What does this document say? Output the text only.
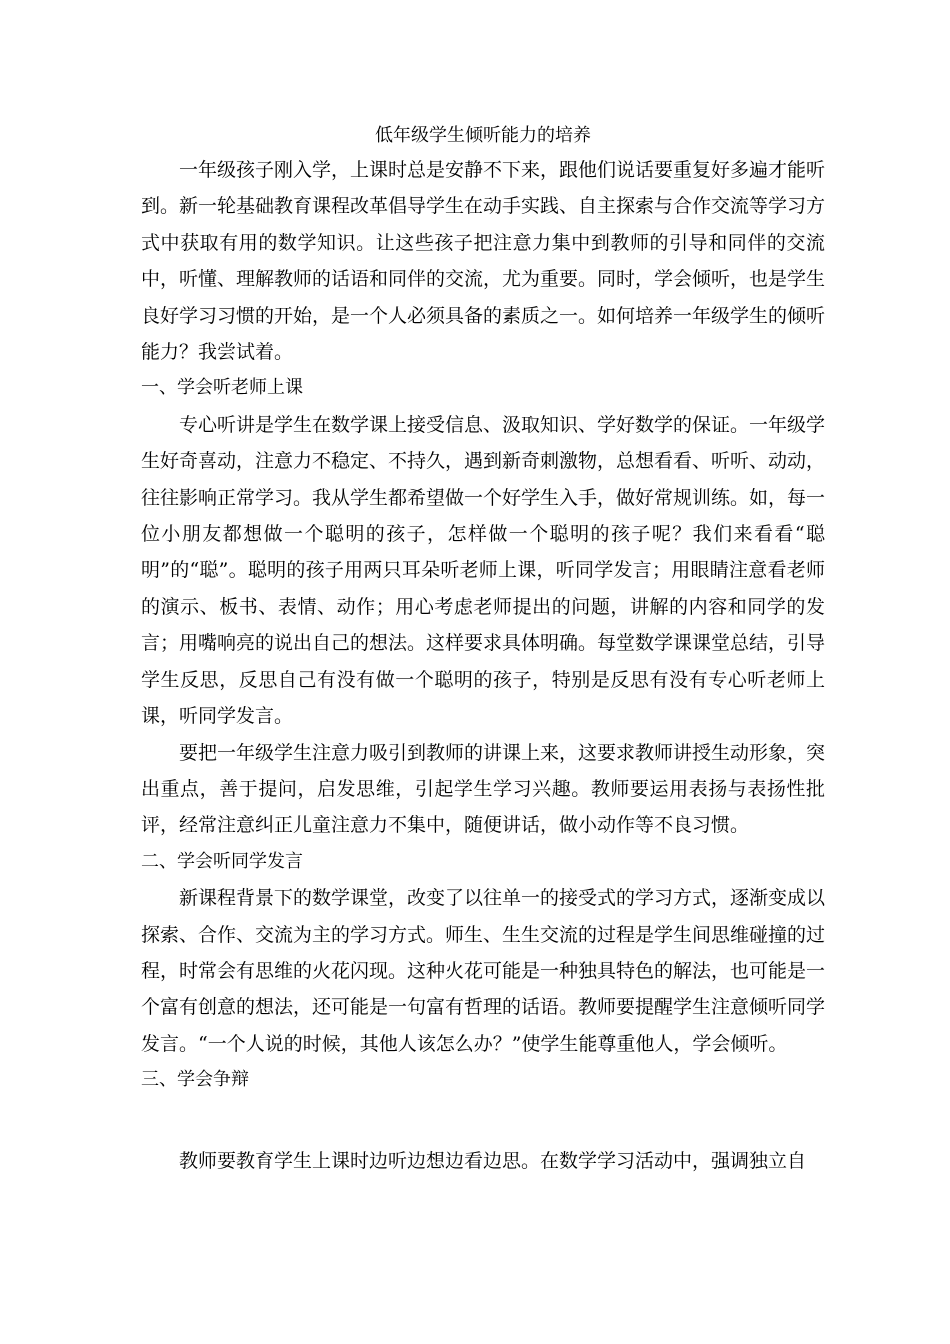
低年级学生倾听能力的培养

一年级孩子刚入学，上课时总是安静不下来，跟他们说话要重复好多遍才能听到。新一轮基础教育课程改革倡导学生在动手实践、自主探索与合作交流等学习方式中获取有用的数学知识。让这些孩子把注意力集中到教师的引导和同伴的交流中，听懂、理解教师的话语和同伴的交流，尤为重要。同时，学会倾听，也是学生良好学习习惯的开始，是一个人必须具备的素质之一。如何培养一年级学生的倾听能力？我尝试着。

一、学会听老师上课

专心听讲是学生在数学课上接受信息、汲取知识、学好数学的保证。一年级学生好奇喜动，注意力不稳定、不持久，遇到新奇刺激物，总想看看、听听、动动，往往影响正常学习。我从学生都希望做一个好学生入手，做好常规训练。如，每一位小朋友都想做一个聪明的孩子，怎样做一个聪明的孩子呢？我们来看看“聪明”的“聪”。聪明的孩子用两只耳朵听老师上课，听同学发言；用眼睛注意看老师的演示、板书、表情、动作；用心考虑老师提出的问题，讲解的内容和同学的发言；用嘴响亮的说出自己的想法。这样要求具体明确。每堂数学课课堂总结，引导学生反思，反思自己有没有做一个聪明的孩子，特别是反思有没有专心听老师上课，听同学发言。

要把一年级学生注意力吸引到教师的讲课上来，这要求教师讲授生动形象，突出重点，善于提问，启发思维，引起学生学习兴趣。教师要运用表扬与表扬性批评，经常注意纠正儿童注意力不集中，随便讲话，做小动作等不良习惯。

二、学会听同学发言

新课程背景下的数学课堂，改变了以往单一的接受式的学习方式，逐渐变成以探索、合作、交流为主的学习方式。师生、生生交流的过程是学生间思维碰撞的过程，时常会有思维的火花闪现。这种火花可能是一种独具特色的解法，也可能是一个富有创意的想法，还可能是一句富有哲理的话语。教师要提醒学生注意倾听同学发言。“一个人说的时候，其他人该怎么办？”使学生能尊重他人，学会倾听。

三、学会争辩

教师要教育学生上课时边听边想边看边思。在数学学习活动中，强调独立自
